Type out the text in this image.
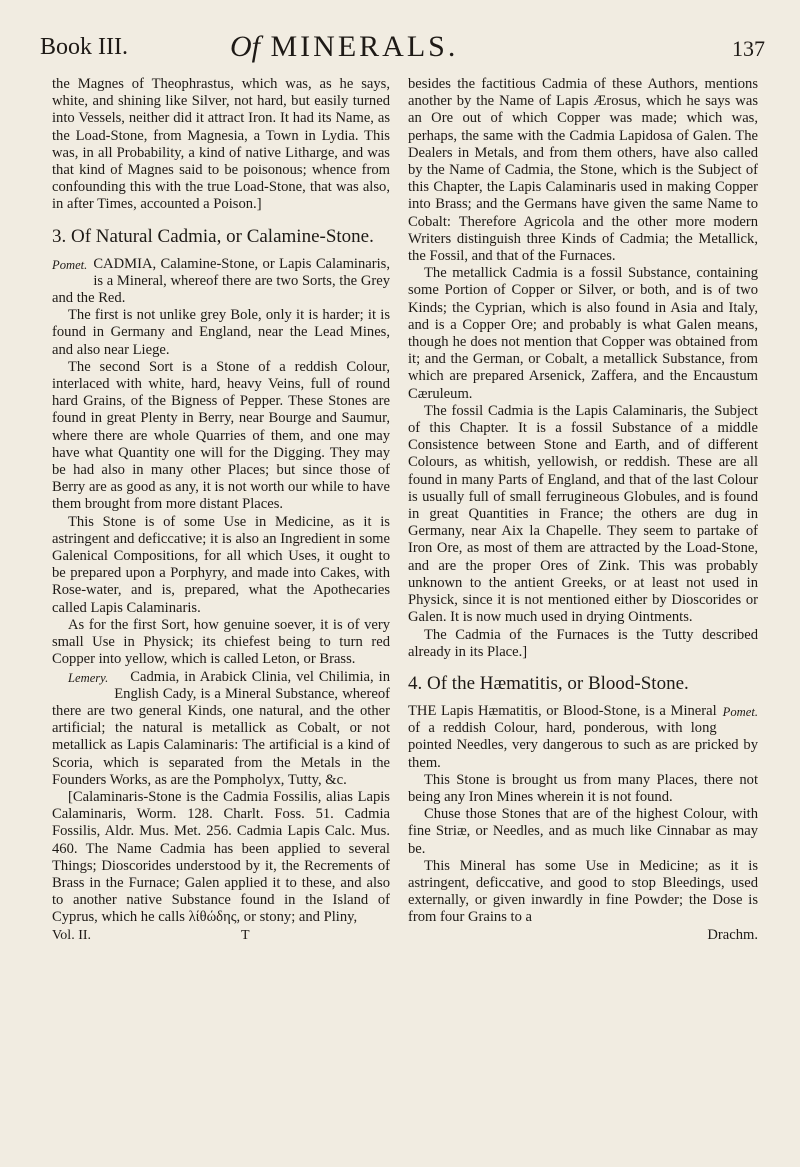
Book III.	Of MINERALS.	137

the Magnes of Theophrastus, which was, as he says, white, and shining like Silver, not hard, but easily turned into Vessels, neither did it attract Iron. It had its Name, as the Load-Stone, from Magnesia, a Town in Lydia. This was, in all Probability, a kind of native Litharge, and was that kind of Magnes said to be poisonous; whence from confounding this with the true Load-Stone, that was also, in after Times, accounted a Poison.]

3. Of Natural Cadmia, or Calamine-Stone.

Pomet. CADMIA, Calamine-Stone, or Lapis Calaminaris, is a Mineral, whereof there are two Sorts, the Grey and the Red.

The first is not unlike grey Bole, only it is harder; it is found in Germany and England, near the Lead Mines, and also near Liege.

The second Sort is a Stone of a reddish Colour, interlaced with white, hard, heavy Veins, full of round hard Grains, of the Bigness of Pepper. These Stones are found in great Plenty in Berry, near Bourge and Saumur, where there are whole Quarries of them, and one may have what Quantity one will for the Digging. They may be had also in many other Places; but since those of Berry are as good as any, it is not worth our while to have them brought from more distant Places.

This Stone is of some Use in Medicine, as it is astringent and deficcative; it is also an Ingredient in some Galenical Compositions, for all which Uses, it ought to be prepared upon a Porphyry, and made into Cakes, with Rose-water, and is, prepared, what the Apothecaries called Lapis Calaminaris.

As for the first Sort, how genuine soever, it is of very small Use in Physick; its chiefest being to turn red Copper into yellow, which is called Leton, or Brass.

Lemery. Cadmia, in Arabick Clinia, vel Chilimia, in English Cady, is a Mineral Substance, whereof there are two general Kinds, one natural, and the other artificial; the natural is metallick as Cobalt, or not metallick as Lapis Calaminaris: The artificial is a kind of Scoria, which is separated from the Metals in the Founders Works, as are the Pompholyx, Tutty, &c.

[Calaminaris-Stone is the Cadmia Fossilis, alias Lapis Calaminaris, Worm. 128. Charlt. Foss. 51. Cadmia Fossilis, Aldr. Mus. Met. 256. Cadmia Lapis Calc. Mus. 460. The Name Cadmia has been applied to several Things; Dioscorides understood by it, the Recrements of Brass in the Furnace; Galen applied it to these, and also to another native Substance found in the Island of Cyprus, which he calls λίθώδης, or stony; and Pliny,

Vol. II.	T

besides the factitious Cadmia of these Authors, mentions another by the Name of Lapis Ærosus, which he says was an Ore out of which Copper was made; which was, perhaps, the same with the Cadmia Lapidosa of Galen. The Dealers in Metals, and from them others, have also called by the Name of Cadmia, the Stone, which is the Subject of this Chapter, the Lapis Calaminaris used in making Copper into Brass; and the Germans have given the same Name to Cobalt: Therefore Agricola and the other more modern Writers distinguish three Kinds of Cadmia; the Metallick, the Fossil, and that of the Furnaces.

The metallick Cadmia is a fossil Substance, containing some Portion of Copper or Silver, or both, and is of two Kinds; the Cyprian, which is also found in Asia and Italy, and is a Copper Ore; and probably is what Galen means, though he does not mention that Copper was obtained from it; and the German, or Cobalt, a metallick Substance, from which are prepared Arsenick, Zaffera, and the Encaustum Cæruleum.

The fossil Cadmia is the Lapis Calaminaris, the Subject of this Chapter. It is a fossil Substance of a middle Consistence between Stone and Earth, and of different Colours, as whitish, yellowish, or reddish. These are all found in many Parts of England, and that of the last Colour is usually full of small ferrugineous Globules, and is found in great Quantities in France; the others are dug in Germany, near Aix la Chapelle. They seem to partake of Iron Ore, as most of them are attracted by the Load-Stone, and are the proper Ores of Zink. This was probably unknown to the antient Greeks, or at least not used in Physick, since it is not mentioned either by Dioscorides or Galen. It is now much used in drying Ointments.

The Cadmia of the Furnaces is the Tutty described already in its Place.]

4. Of the Hæmatitis, or Blood-Stone.

Pomet.
THE Lapis Hæmatitis, or Blood-Stone, is a Mineral of a reddish Colour, hard, ponderous, with long pointed Needles, very dangerous to such as are pricked by them.

This Stone is brought us from many Places, there not being any Iron Mines wherein it is not found.

Chuse those Stones that are of the highest Colour, with fine Striæ, or Needles, and as much like Cinnabar as may be.

This Mineral has some Use in Medicine; as it is astringent, deficcative, and good to stop Bleedings, used externally, or given inwardly in fine Powder; the Dose is from four Grains to a

Drachm.
